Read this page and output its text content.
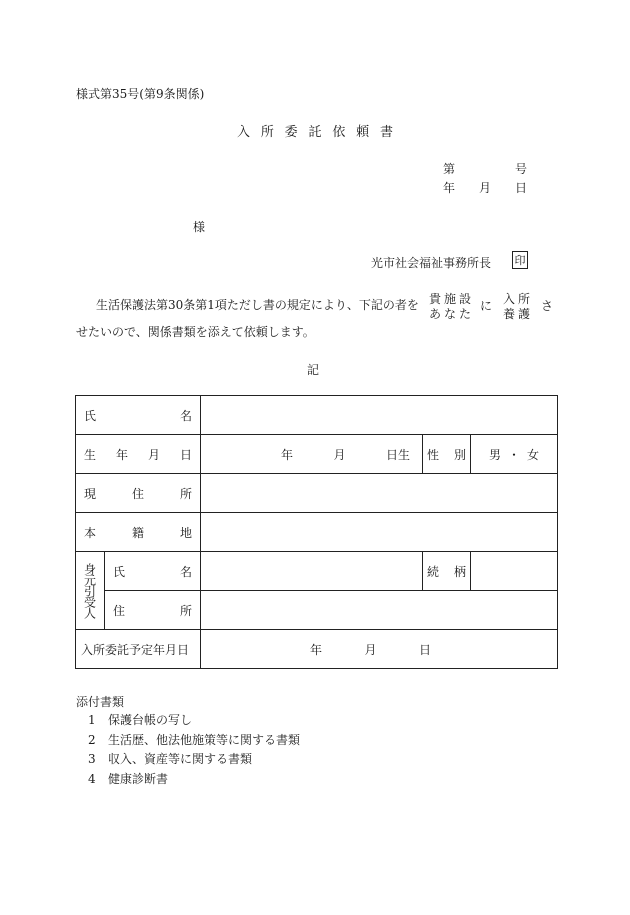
様式第35号(第9条関係)
入 所 委 託 依 頼 書
第	号
年 月 日
様
光市社会福祉事務所長 印
生活保護法第30条第1項ただし書の規定により、下記の者を 貴 施 設
あ な た
に 入 所
養 護
さ
せたいので、関係書類を添えて依頼します。
記
氏 名				

生 年 月 日		年 月 日生	性 別	男 ・ 女

現 住 所				

本 籍 地				

身元引受人	氏 名		続 柄	

	住 所			

入所委託予定年月日		年 月 日		
添付書類
1	保護台帳の写し
2	生活歴、他法他施策等に関する書類
3	収入、資産等に関する書類
4	健康診断書
